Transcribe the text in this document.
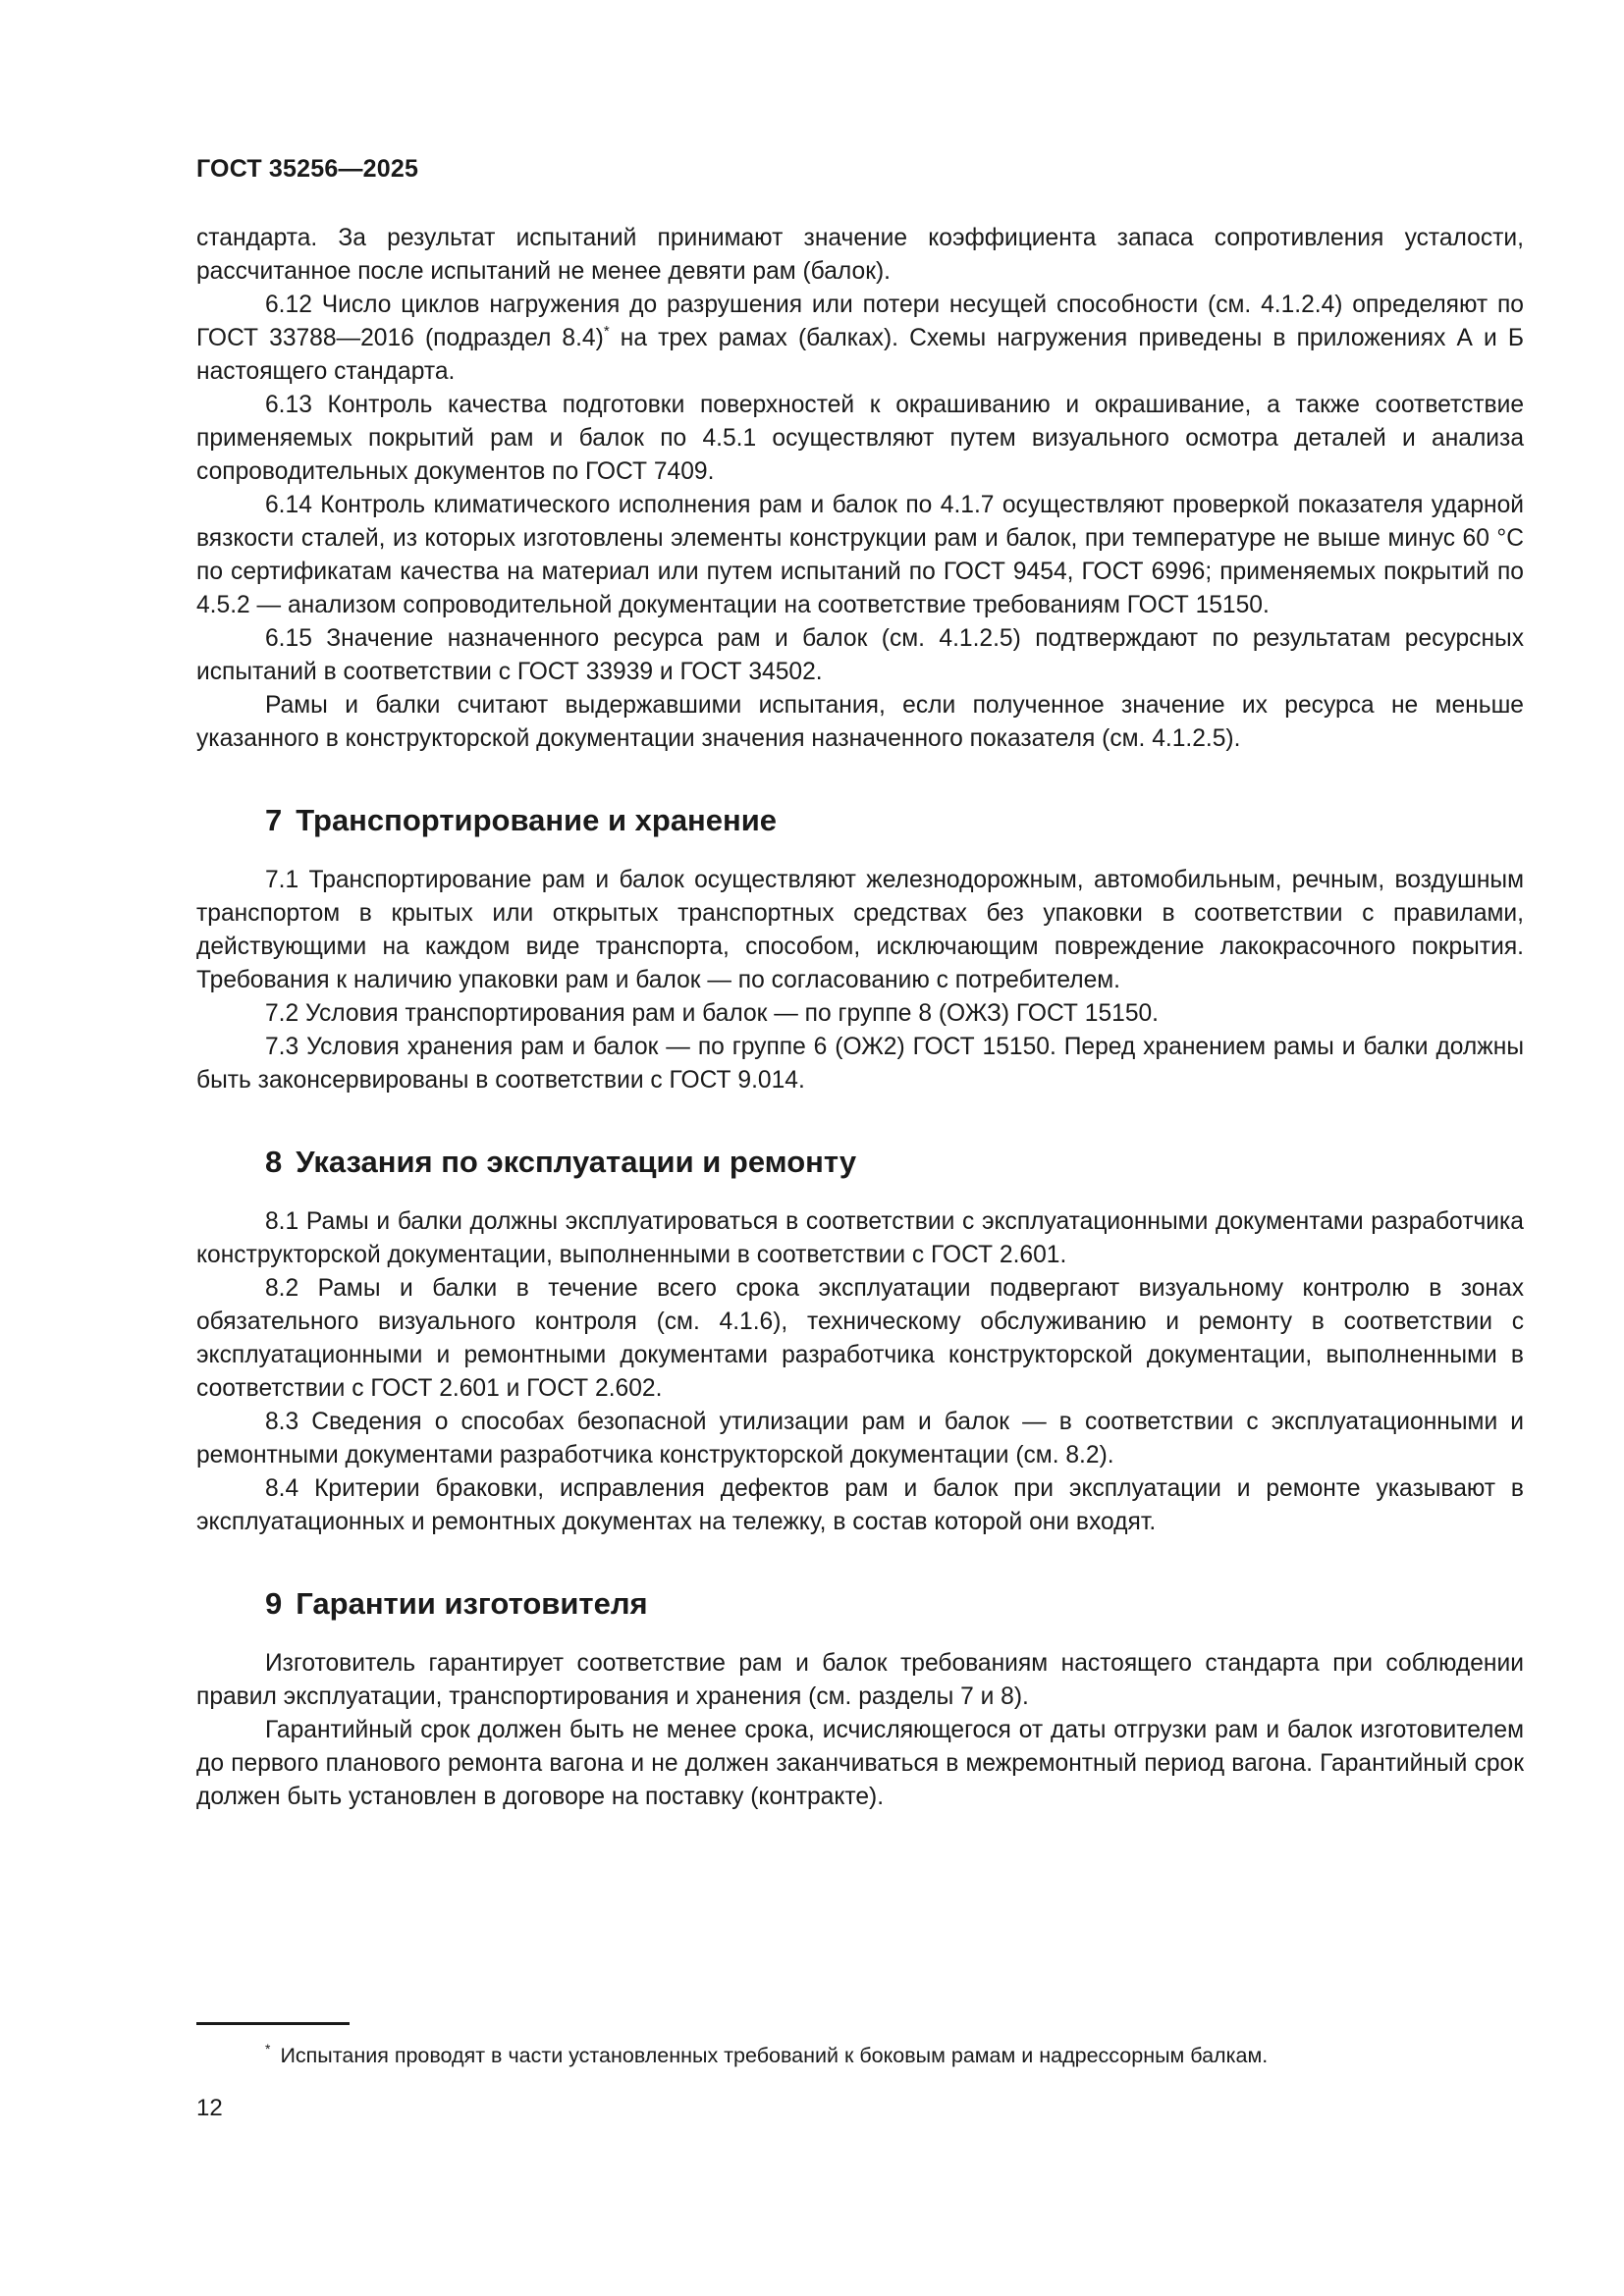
ГОСТ 35256—2025

стандарта. За результат испытаний принимают значение коэффициента запаса сопротивления усталости, рассчитанное после испытаний не менее девяти рам (балок).

6.12 Число циклов нагружения до разрушения или потери несущей способности (см. 4.1.2.4) определяют по ГОСТ 33788—2016 (подраздел 8.4)* на трех рамах (балках). Схемы нагружения приведены в приложениях А и Б настоящего стандарта.

6.13 Контроль качества подготовки поверхностей к окрашиванию и окрашивание, а также соответствие применяемых покрытий рам и балок по 4.5.1 осуществляют путем визуального осмотра деталей и анализа сопроводительных документов по ГОСТ 7409.

6.14 Контроль климатического исполнения рам и балок по 4.1.7 осуществляют проверкой показателя ударной вязкости сталей, из которых изготовлены элементы конструкции рам и балок, при температуре не выше минус 60 °С по сертификатам качества на материал или путем испытаний по ГОСТ 9454, ГОСТ 6996; применяемых покрытий по 4.5.2 — анализом сопроводительной документации на соответствие требованиям ГОСТ 15150.

6.15 Значение назначенного ресурса рам и балок (см. 4.1.2.5) подтверждают по результатам ресурсных испытаний в соответствии с ГОСТ 33939 и ГОСТ 34502.

Рамы и балки считают выдержавшими испытания, если полученное значение их ресурса не меньше указанного в конструкторской документации значения назначенного показателя (см. 4.1.2.5).

7 Транспортирование и хранение

7.1 Транспортирование рам и балок осуществляют железнодорожным, автомобильным, речным, воздушным транспортом в крытых или открытых транспортных средствах без упаковки в соответствии с правилами, действующими на каждом виде транспорта, способом, исключающим повреждение лакокрасочного покрытия. Требования к наличию упаковки рам и балок — по согласованию с потребителем.

7.2 Условия транспортирования рам и балок — по группе 8 (ОЖЗ) ГОСТ 15150.

7.3 Условия хранения рам и балок — по группе 6 (ОЖ2) ГОСТ 15150. Перед хранением рамы и балки должны быть законсервированы в соответствии с ГОСТ 9.014.

8 Указания по эксплуатации и ремонту

8.1 Рамы и балки должны эксплуатироваться в соответствии с эксплуатационными документами разработчика конструкторской документации, выполненными в соответствии с ГОСТ 2.601.

8.2 Рамы и балки в течение всего срока эксплуатации подвергают визуальному контролю в зонах обязательного визуального контроля (см. 4.1.6), техническому обслуживанию и ремонту в соответствии с эксплуатационными и ремонтными документами разработчика конструкторской документации, выполненными в соответствии с ГОСТ 2.601 и ГОСТ 2.602.

8.3 Сведения о способах безопасной утилизации рам и балок — в соответствии с эксплуатационными и ремонтными документами разработчика конструкторской документации (см. 8.2).

8.4 Критерии браковки, исправления дефектов рам и балок при эксплуатации и ремонте указывают в эксплуатационных и ремонтных документах на тележку, в состав которой они входят.

9 Гарантии изготовителя

Изготовитель гарантирует соответствие рам и балок требованиям настоящего стандарта при соблюдении правил эксплуатации, транспортирования и хранения (см. разделы 7 и 8).

Гарантийный срок должен быть не менее срока, исчисляющегося от даты отгрузки рам и балок изготовителем до первого планового ремонта вагона и не должен заканчиваться в межремонтный период вагона. Гарантийный срок должен быть установлен в договоре на поставку (контракте).

* Испытания проводят в части установленных требований к боковым рамам и надрессорным балкам.
12
